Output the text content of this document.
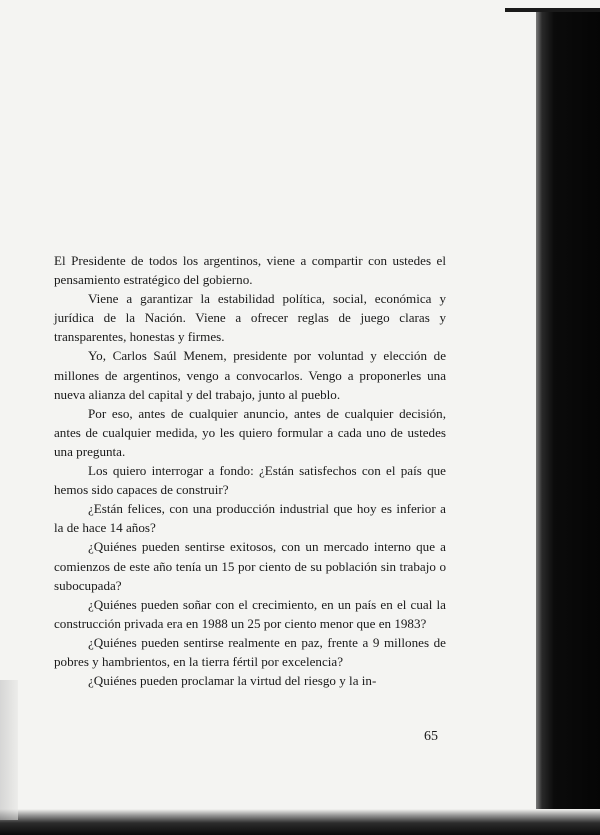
El Presidente de todos los argentinos, viene a compartir con ustedes el pensamiento estratégico del gobierno.

Viene a garantizar la estabilidad política, social, económica y jurídica de la Nación. Viene a ofrecer reglas de juego claras y transparentes, honestas y firmes.

Yo, Carlos Saúl Menem, presidente por voluntad y elección de millones de argentinos, vengo a convocarlos. Vengo a proponerles una nueva alianza del capital y del trabajo, junto al pueblo.

Por eso, antes de cualquier anuncio, antes de cualquier decisión, antes de cualquier medida, yo les quiero formular a cada uno de ustedes una pregunta.

Los quiero interrogar a fondo: ¿Están satisfechos con el país que hemos sido capaces de construir?

¿Están felices, con una producción industrial que hoy es inferior a la de hace 14 años?

¿Quiénes pueden sentirse exitosos, con un mercado interno que a comienzos de este año tenía un 15 por ciento de su población sin trabajo o subocupada?

¿Quiénes pueden soñar con el crecimiento, en un país en el cual la construcción privada era en 1988 un 25 por ciento menor que en 1983?

¿Quiénes pueden sentirse realmente en paz, frente a 9 millones de pobres y hambrientos, en la tierra fértil por excelencia?

¿Quiénes pueden proclamar la virtud del riesgo y la in-

65
